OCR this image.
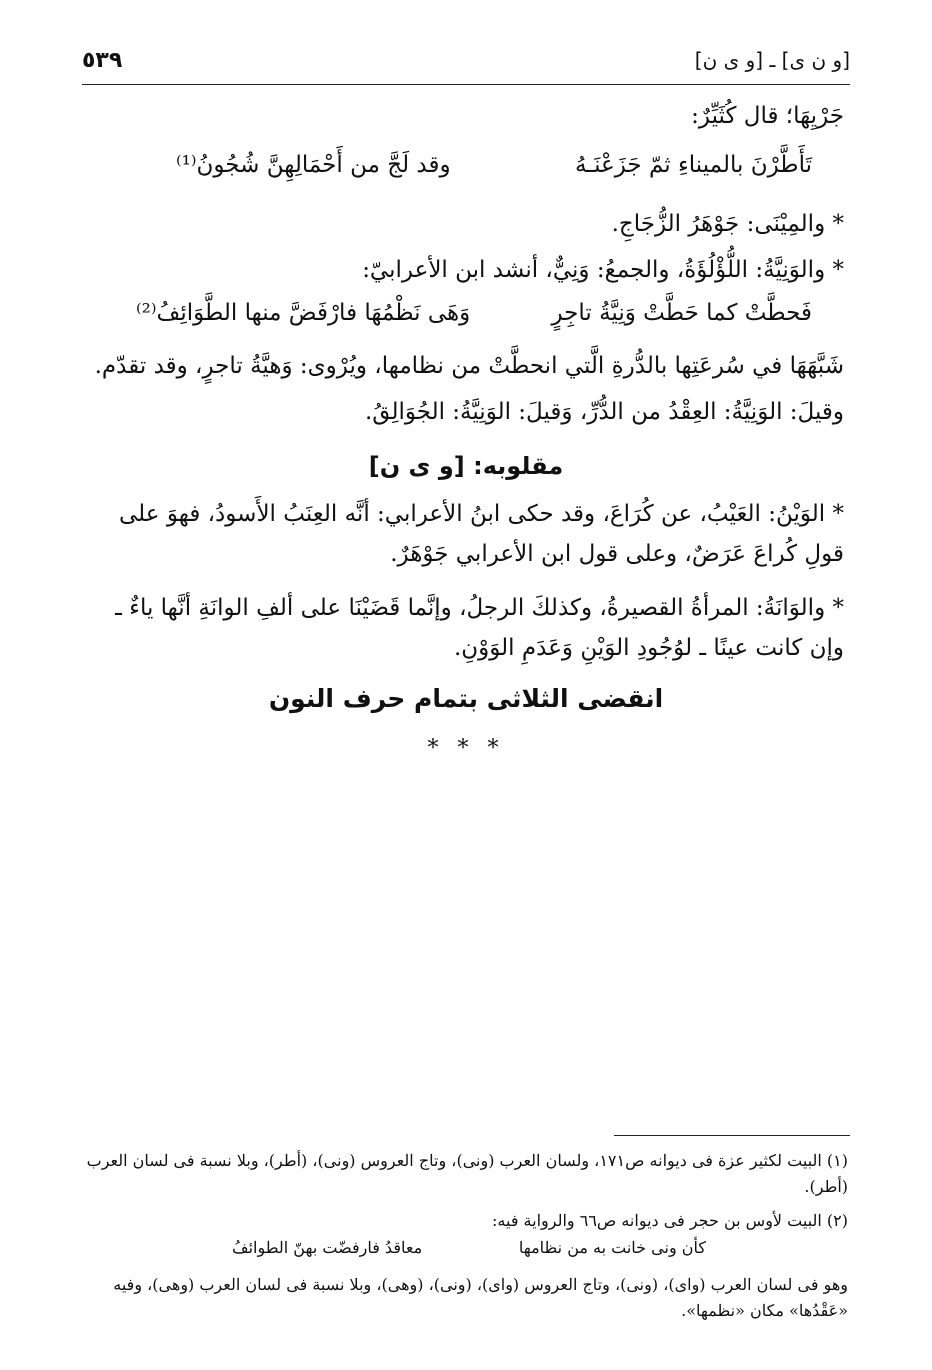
٥٣٩	[و ن ى] ـ [و ى ن]
جَرْيِهَا؛ قال كُثَيِّرٌ:
تَأَطَّرْنَ بالميناءِ ثمّ جَزَعْنَـهُ
وقد لَجَّ من أَحْمَالِهِنَّ شُجُونُ⁽¹⁾
* والمِيْنَى: جَوْهَرُ الزُّجَاجِ.
* والوَنِيَّةُ: اللُّؤْلُؤَةُ، والجمعُ: وَنِيٌّ، أنشد ابن الأعرابيّ:
فَحطَّتْ كما حَطَّتْ وَنِيَّةُ تاجِرٍ
وَهَى نَظْمُهَا فارْفَضَّ منها الطَّوَائِفُ⁽²⁾
شَبَّهَهَا في سُرعَتِها بالدُّرةِ الَّتي انحطَّتْ من نظامها، ويُرْوى: وَهيَّةُ تاجرٍ، وقد تقدّم.
وقيلَ: الوَنِيَّةُ: العِقْدُ من الدُّرِّ، وَقيلَ: الوَنِيَّةُ: الجُوَالِقُ.
مقلوبه: [و ى ن]
* الوَيْنُ: العَيْبُ، عن كُرَاعَ، وقد حكى ابنُ الأعرابي: أنَّه العِنَبُ الأَسودُ، فهوَ على قولِ كُراعَ عَرَضٌ، وعلى قول ابن الأعرابي جَوْهَرٌ.
* والوَانَةُ: المرأةُ القصيرةُ، وكذلكَ الرجلُ، وإنَّما قَضَيْنَا على ألفِ الوانَةِ أنَّها ياءٌ ـ وإن كانت عينًا ـ لوُجُودِ الوَيْنِ وَعَدَمِ الوَوْنِ.
انقضى الثلاثى بتمام حرف النون
* * *
(١) البيت لكثير عزة فى ديوانه ص١٧١، ولسان العرب (ونى)، وتاج العروس (ونى)، (أطر)، وبلا نسبة فى لسان العرب (أطر).
(٢) البيت لأوس بن حجر فى ديوانه ص٦٦ والرواية فيه:
كأن ونى خانت به من نظامها
معاقدُ فارفضّت بهنّ الطوائفُ
وهو فى لسان العرب (واى)، (ونى)، وتاج العروس (واى)، (ونى)، (وهى)، وبلا نسبة فى لسان العرب (وهى)، وفيه «عَقْدُها» مكان «نظمها».
